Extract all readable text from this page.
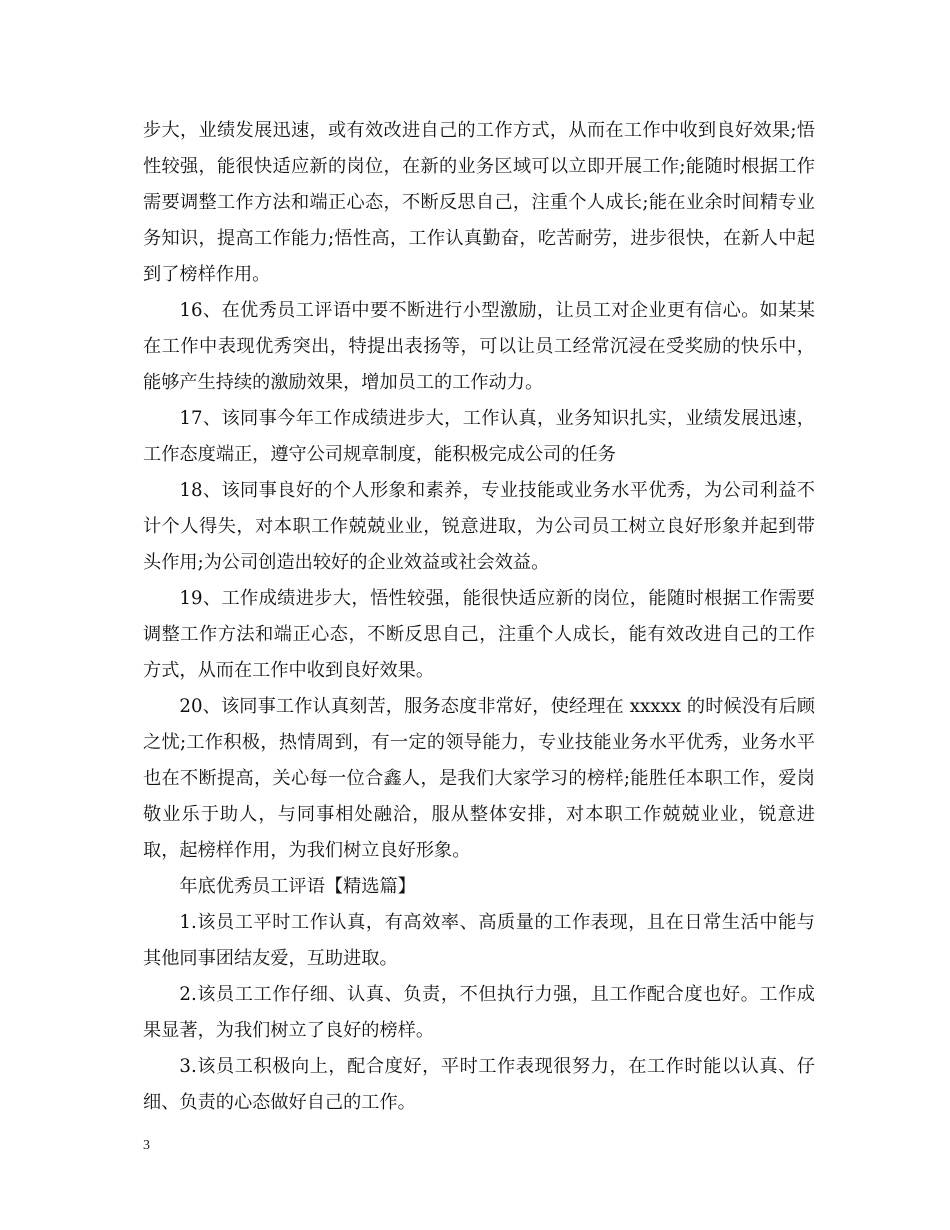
步大，业绩发展迅速，或有效改进自己的工作方式，从而在工作中收到良好效果;悟性较强，能很快适应新的岗位，在新的业务区域可以立即开展工作;能随时根据工作需要调整工作方法和端正心态，不断反思自己，注重个人成长;能在业余时间精专业务知识，提高工作能力;悟性高，工作认真勤奋，吃苦耐劳，进步很快，在新人中起到了榜样作用。

16、在优秀员工评语中要不断进行小型激励，让员工对企业更有信心。如某某在工作中表现优秀突出，特提出表扬等，可以让员工经常沉浸在受奖励的快乐中，能够产生持续的激励效果，增加员工的工作动力。

17、该同事今年工作成绩进步大，工作认真，业务知识扎实，业绩发展迅速，工作态度端正，遵守公司规章制度，能积极完成公司的任务

18、该同事良好的个人形象和素养，专业技能或业务水平优秀，为公司利益不计个人得失，对本职工作兢兢业业，锐意进取，为公司员工树立良好形象并起到带头作用;为公司创造出较好的企业效益或社会效益。

19、工作成绩进步大，悟性较强，能很快适应新的岗位，能随时根据工作需要调整工作方法和端正心态，不断反思自己，注重个人成长，能有效改进自己的工作方式，从而在工作中收到良好效果。

20、该同事工作认真刻苦，服务态度非常好，使经理在 xxxxx 的时候没有后顾之忧;工作积极，热情周到，有一定的领导能力，专业技能业务水平优秀，业务水平也在不断提高，关心每一位合鑫人，是我们大家学习的榜样;能胜任本职工作，爱岗敬业乐于助人，与同事相处融洽，服从整体安排，对本职工作兢兢业业，锐意进取，起榜样作用，为我们树立良好形象。

年底优秀员工评语【精选篇】

1.该员工平时工作认真，有高效率、高质量的工作表现，且在日常生活中能与其他同事团结友爱，互助进取。

2.该员工工作仔细、认真、负责，不但执行力强，且工作配合度也好。工作成果显著，为我们树立了良好的榜样。

3.该员工积极向上，配合度好，平时工作表现很努力，在工作时能以认真、仔细、负责的心态做好自己的工作。

3
